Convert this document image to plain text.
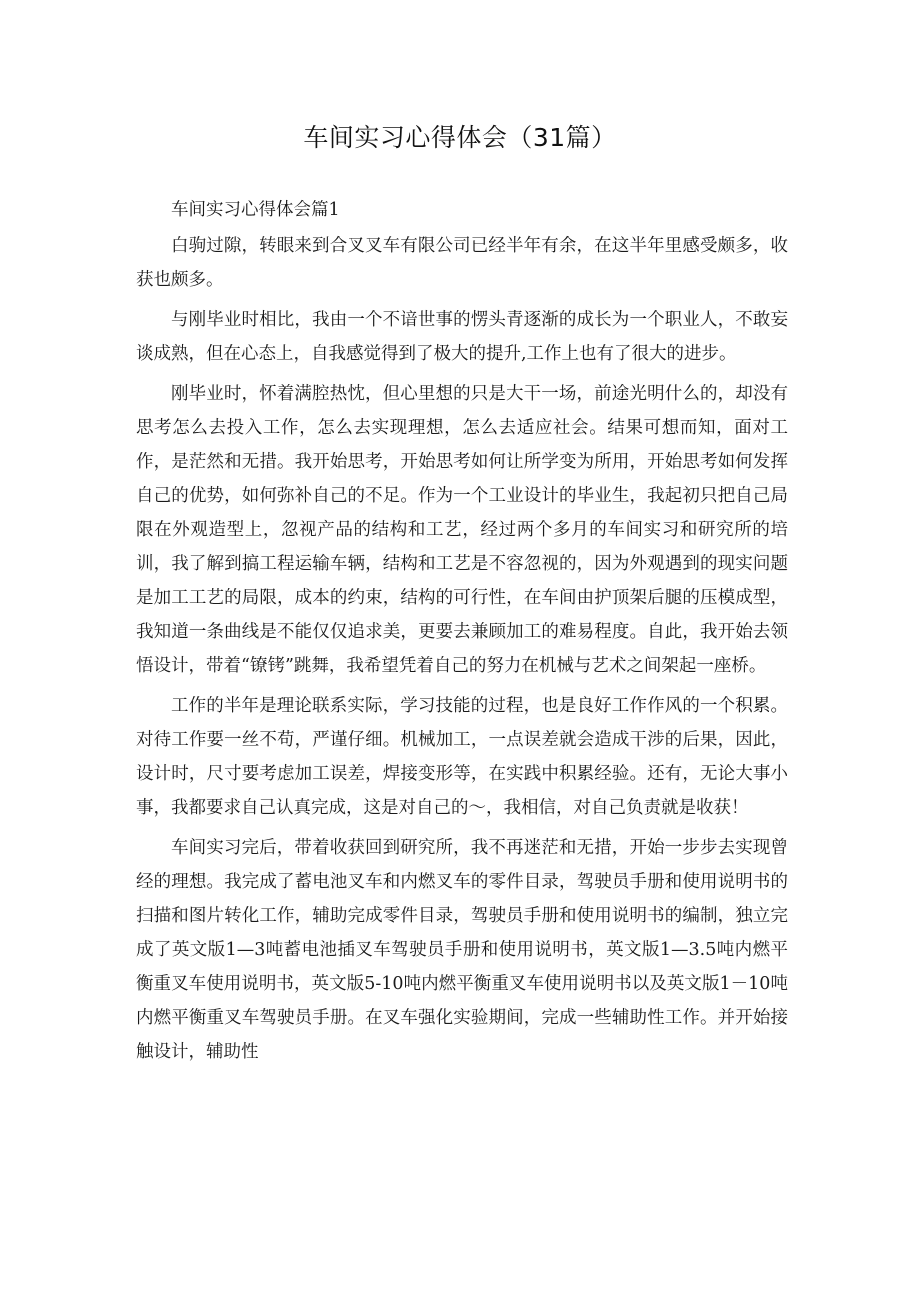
车间实习心得体会（31篇）

车间实习心得体会篇1

白驹过隙，转眼来到合叉叉车有限公司已经半年有余，在这半年里感受颇多，收获也颇多。

与刚毕业时相比，我由一个不谙世事的愣头青逐渐的成长为一个职业人，不敢妄谈成熟，但在心态上，自我感觉得到了极大的提升,工作上也有了很大的进步。

刚毕业时，怀着满腔热忱，但心里想的只是大干一场，前途光明什么的，却没有思考怎么去投入工作，怎么去实现理想，怎么去适应社会。结果可想而知，面对工作，是茫然和无措。我开始思考，开始思考如何让所学变为所用，开始思考如何发挥自己的优势，如何弥补自己的不足。作为一个工业设计的毕业生，我起初只把自己局限在外观造型上，忽视产品的结构和工艺，经过两个多月的车间实习和研究所的培训，我了解到搞工程运输车辆，结构和工艺是不容忽视的，因为外观遇到的现实问题是加工工艺的局限，成本的约束，结构的可行性，在车间由护顶架后腿的压模成型，我知道一条曲线是不能仅仅追求美，更要去兼顾加工的难易程度。自此，我开始去领悟设计，带着“镣铐”跳舞，我希望凭着自己的努力在机械与艺术之间架起一座桥。

工作的半年是理论联系实际，学习技能的过程，也是良好工作作风的一个积累。对待工作要一丝不苟，严谨仔细。机械加工，一点误差就会造成干涉的后果，因此，设计时，尺寸要考虑加工误差，焊接变形等，在实践中积累经验。还有，无论大事小事，我都要求自己认真完成，这是对自己的～，我相信，对自己负责就是收获！

车间实习完后，带着收获回到研究所，我不再迷茫和无措，开始一步步去实现曾经的理想。我完成了蓄电池叉车和内燃叉车的零件目录，驾驶员手册和使用说明书的扫描和图片转化工作，辅助完成零件目录，驾驶员手册和使用说明书的编制，独立完成了英文版1—3吨蓄电池插叉车驾驶员手册和使用说明书，英文版1—3.5吨内燃平衡重叉车使用说明书，英文版5-10吨内燃平衡重叉车使用说明书以及英文版1－10吨内燃平衡重叉车驾驶员手册。在叉车强化实验期间，完成一些辅助性工作。并开始接触设计，辅助性
